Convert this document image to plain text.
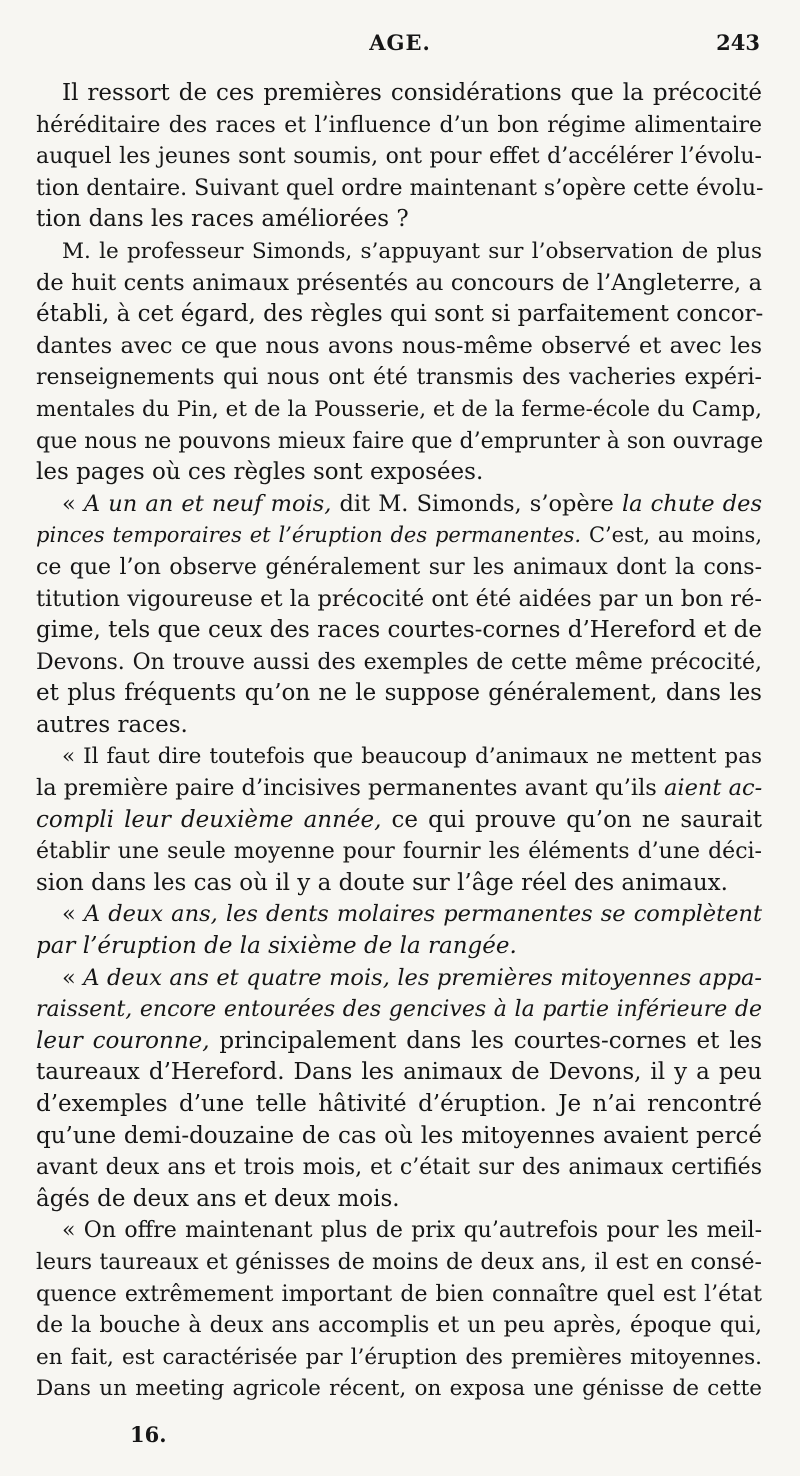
AGE.	243
Il ressort de ces premières considérations que la précocité
héréditaire des races et l’influence d’un bon régime alimentaire
auquel les jeunes sont soumis, ont pour effet d’accélérer l’évolu-
tion dentaire. Suivant quel ordre maintenant s’opère cette évolu-
tion dans les races améliorées ?
M. le professeur Simonds, s’appuyant sur l’observation de plus
de huit cents animaux présentés au concours de l’Angleterre, a
établi, à cet égard, des règles qui sont si parfaitement concor-
dantes avec ce que nous avons nous-même observé et avec les
renseignements qui nous ont été transmis des vacheries expéri-
mentales du Pin, et de la Pousserie, et de la ferme-école du Camp,
que nous ne pouvons mieux faire que d’emprunter à son ouvrage
les pages où ces règles sont exposées.
« A un an et neuf mois, dit M. Simonds, s’opère la chute des
pinces temporaires et l’éruption des permanentes. C’est, au moins,
ce que l’on observe généralement sur les animaux dont la cons-
titution vigoureuse et la précocité ont été aidées par un bon ré-
gime, tels que ceux des races courtes-cornes d’Hereford et de
Devons. On trouve aussi des exemples de cette même précocité,
et plus fréquents qu’on ne le suppose généralement, dans les
autres races.
« Il faut dire toutefois que beaucoup d’animaux ne mettent pas
la première paire d’incisives permanentes avant qu’ils aient ac-
compli leur deuxième année, ce qui prouve qu’on ne saurait
établir une seule moyenne pour fournir les éléments d’une déci-
sion dans les cas où il y a doute sur l’âge réel des animaux.
« A deux ans, les dents molaires permanentes se complètent
par l’éruption de la sixième de la rangée.
« A deux ans et quatre mois, les premières mitoyennes appa-
raissent, encore entourées des gencives à la partie inférieure de
leur couronne, principalement dans les courtes-cornes et les
taureaux d’Hereford. Dans les animaux de Devons, il y a peu
d’exemples d’une telle hâtivité d’éruption. Je n’ai rencontré
qu’une demi-douzaine de cas où les mitoyennes avaient percé
avant deux ans et trois mois, et c’était sur des animaux certifiés
âgés de deux ans et deux mois.
« On offre maintenant plus de prix qu’autrefois pour les meil-
leurs taureaux et génisses de moins de deux ans, il est en consé-
quence extrêmement important de bien connaître quel est l’état
de la bouche à deux ans accomplis et un peu après, époque qui,
en fait, est caractérisée par l’éruption des premières mitoyennes.
Dans un meeting agricole récent, on exposa une génisse de cette
16.
